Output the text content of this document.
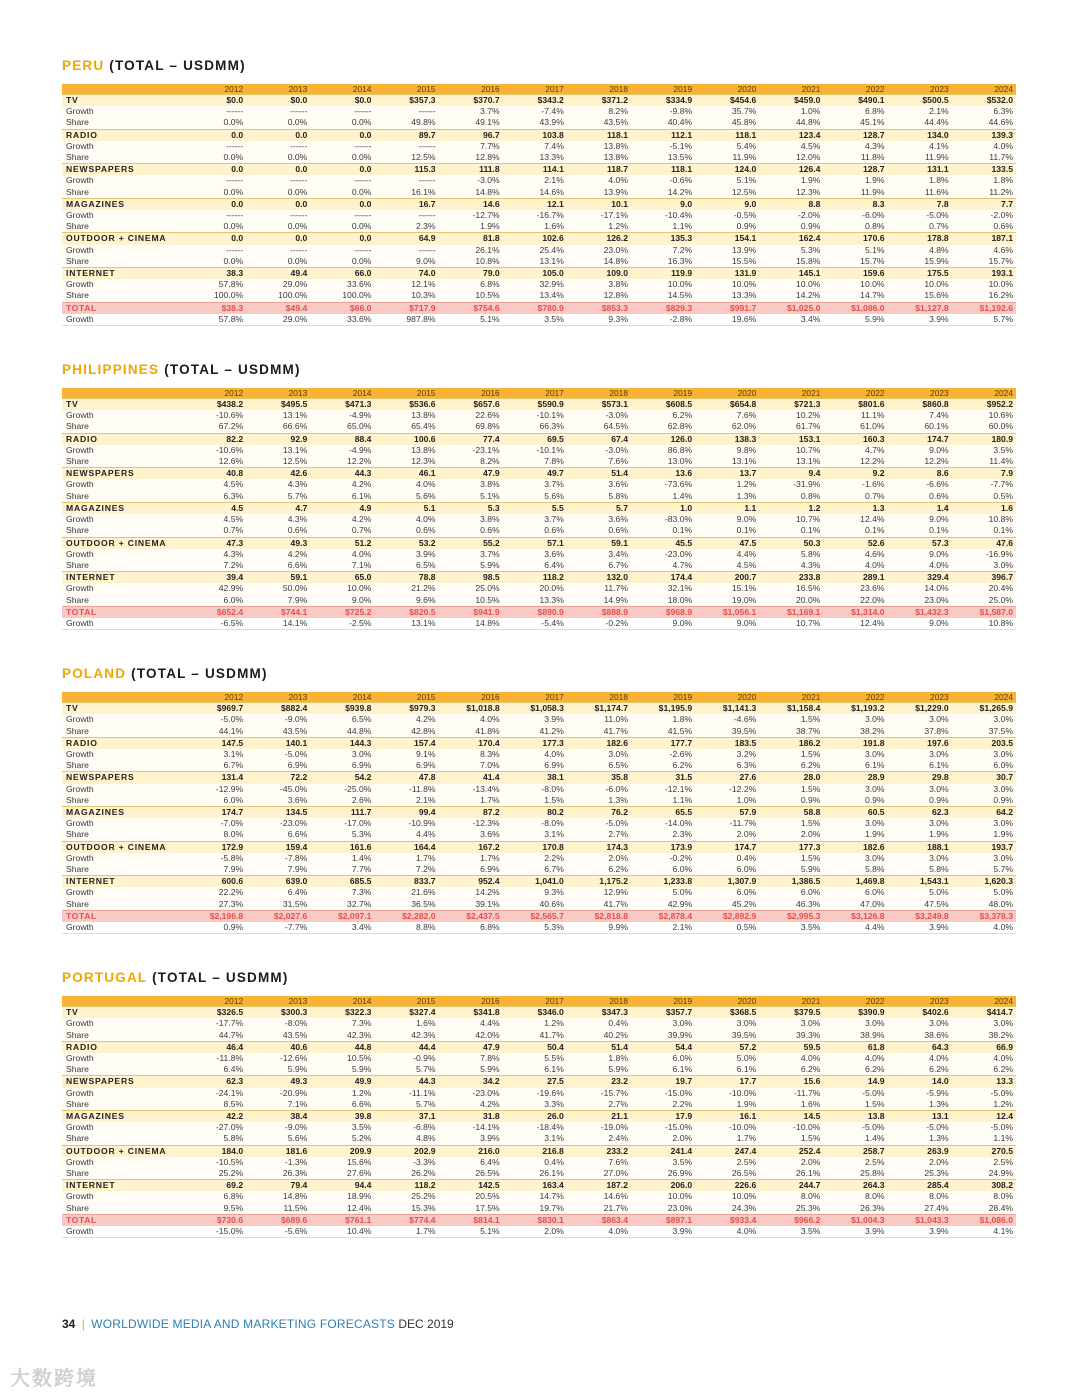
PERU (TOTAL – USDMM)
	2012	2013	2014	2015	2016	2017	2018	2019	2020	2021	2022	2023	2024
TV	$0.0	$0.0	$0.0	$357.3	$370.7	$343.2	$371.2	$334.9	$454.6	$459.0	$490.1	$500.5	$532.0
Growth	------	------	------	------	3.7%	-7.4%	8.2%	-9.8%	35.7%	1.0%	6.8%	2.1%	6.3%
Share	0.0%	0.0%	0.0%	49.8%	49.1%	43.9%	43.5%	40.4%	45.8%	44.8%	45.1%	44.4%	44.6%
RADIO	0.0	0.0	0.0	89.7	96.7	103.8	118.1	112.1	118.1	123.4	128.7	134.0	139.3
Growth	------	------	------	------	7.7%	7.4%	13.8%	-5.1%	5.4%	4.5%	4.3%	4.1%	4.0%
Share	0.0%	0.0%	0.0%	12.5%	12.8%	13.3%	13.8%	13.5%	11.9%	12.0%	11.8%	11.9%	11.7%
NEWSPAPERS	0.0	0.0	0.0	115.3	111.8	114.1	118.7	118.1	124.0	126.4	128.7	131.1	133.5
Growth	------	------	------	------	-3.0%	2.1%	4.0%	-0.6%	5.1%	1.9%	1.9%	1.8%	1.8%
Share	0.0%	0.0%	0.0%	16.1%	14.8%	14.6%	13.9%	14.2%	12.5%	12.3%	11.9%	11.6%	11.2%
MAGAZINES	0.0	0.0	0.0	16.7	14.6	12.1	10.1	9.0	9.0	8.8	8.3	7.8	7.7
Growth	------	------	------	------	-12.7%	-16.7%	-17.1%	-10.4%	-0.5%	-2.0%	-6.0%	-5.0%	-2.0%
Share	0.0%	0.0%	0.0%	2.3%	1.9%	1.6%	1.2%	1.1%	0.9%	0.9%	0.8%	0.7%	0.6%
OUTDOOR + CINEMA	0.0	0.0	0.0	64.9	81.8	102.6	126.2	135.3	154.1	162.4	170.6	178.8	187.1
Growth	------	------	------	------	26.1%	25.4%	23.0%	7.2%	13.9%	5.3%	5.1%	4.8%	4.6%
Share	0.0%	0.0%	0.0%	9.0%	10.8%	13.1%	14.8%	16.3%	15.5%	15.8%	15.7%	15.9%	15.7%
INTERNET	38.3	49.4	66.0	74.0	79.0	105.0	109.0	119.9	131.9	145.1	159.6	175.5	193.1
Growth	57.8%	29.0%	33.6%	12.1%	6.8%	32.9%	3.8%	10.0%	10.0%	10.0%	10.0%	10.0%	10.0%
Share	100.0%	100.0%	100.0%	10.3%	10.5%	13.4%	12.8%	14.5%	13.3%	14.2%	14.7%	15.6%	16.2%
TOTAL	$38.3	$49.4	$66.0	$717.9	$754.6	$780.9	$853.3	$829.3	$991.7	$1,025.0	$1,086.0	$1,127.8	$1,192.6
Growth	57.8%	29.0%	33.6%	987.8%	5.1%	3.5%	9.3%	-2.8%	19.6%	3.4%	5.9%	3.9%	5.7%
PHILIPPINES (TOTAL – USDMM)
	2012	2013	2014	2015	2016	2017	2018	2019	2020	2021	2022	2023	2024
TV	$438.2	$495.5	$471.3	$536.6	$657.6	$590.9	$573.1	$608.5	$654.8	$721.3	$801.6	$860.8	$952.2
Growth	-10.6%	13.1%	-4.9%	13.8%	22.6%	-10.1%	-3.0%	6.2%	7.6%	10.2%	11.1%	7.4%	10.6%
Share	67.2%	66.6%	65.0%	65.4%	69.8%	66.3%	64.5%	62.8%	62.0%	61.7%	61.0%	60.1%	60.0%
RADIO	82.2	92.9	88.4	100.6	77.4	69.5	67.4	126.0	138.3	153.1	160.3	174.7	180.9
Growth	-10.6%	13.1%	-4.9%	13.8%	-23.1%	-10.1%	-3.0%	86.8%	9.8%	10.7%	4.7%	9.0%	3.5%
Share	12.6%	12.5%	12.2%	12.3%	8.2%	7.8%	7.6%	13.0%	13.1%	13.1%	12.2%	12.2%	11.4%
NEWSPAPERS	40.8	42.6	44.3	46.1	47.9	49.7	51.4	13.6	13.7	9.4	9.2	8.6	7.9
Growth	4.5%	4.3%	4.2%	4.0%	3.8%	3.7%	3.6%	-73.6%	1.2%	-31.9%	-1.6%	-6.6%	-7.7%
Share	6.3%	5.7%	6.1%	5.6%	5.1%	5.6%	5.8%	1.4%	1.3%	0.8%	0.7%	0.6%	0.5%
MAGAZINES	4.5	4.7	4.9	5.1	5.3	5.5	5.7	1.0	1.1	1.2	1.3	1.4	1.6
Growth	4.5%	4.3%	4.2%	4.0%	3.8%	3.7%	3.6%	-83.0%	9.0%	10.7%	12.4%	9.0%	10.8%
Share	0.7%	0.6%	0.7%	0.6%	0.6%	0.6%	0.6%	0.1%	0.1%	0.1%	0.1%	0.1%	0.1%
OUTDOOR + CINEMA	47.3	49.3	51.2	53.2	55.2	57.1	59.1	45.5	47.5	50.3	52.6	57.3	47.6
Growth	4.3%	4.2%	4.0%	3.9%	3.7%	3.6%	3.4%	-23.0%	4.4%	5.8%	4.6%	9.0%	-16.9%
Share	7.2%	6.6%	7.1%	6.5%	5.9%	6.4%	6.7%	4.7%	4.5%	4.3%	4.0%	4.0%	3.0%
INTERNET	39.4	59.1	65.0	78.8	98.5	118.2	132.0	174.4	200.7	233.8	289.1	329.4	396.7
Growth	42.9%	50.0%	10.0%	21.2%	25.0%	20.0%	11.7%	32.1%	15.1%	16.5%	23.6%	14.0%	20.4%
Share	6.0%	7.9%	9.0%	9.6%	10.5%	13.3%	14.9%	18.0%	19.0%	20.0%	22.0%	23.0%	25.0%
TOTAL	$652.4	$744.1	$725.2	$820.5	$941.9	$890.9	$888.9	$968.9	$1,056.1	$1,169.1	$1,314.0	$1,432.3	$1,587.0
Growth	-6.5%	14.1%	-2.5%	13.1%	14.8%	-5.4%	-0.2%	9.0%	9.0%	10.7%	12.4%	9.0%	10.8%
POLAND (TOTAL – USDMM)
	2012	2013	2014	2015	2016	2017	2018	2019	2020	2021	2022	2023	2024
TV	$969.7	$882.4	$939.8	$979.3	$1,018.8	$1,058.3	$1,174.7	$1,195.9	$1,141.3	$1,158.4	$1,193.2	$1,229.0	$1,265.9
Growth	-5.0%	-9.0%	6.5%	4.2%	4.0%	3.9%	11.0%	1.8%	-4.6%	1.5%	3.0%	3.0%	3.0%
Share	44.1%	43.5%	44.8%	42.8%	41.8%	41.2%	41.7%	41.5%	39.5%	38.7%	38.2%	37.8%	37.5%
RADIO	147.5	140.1	144.3	157.4	170.4	177.3	182.6	177.7	183.5	186.2	191.8	197.6	203.5
Growth	3.1%	-5.0%	3.0%	9.1%	8.3%	4.0%	3.0%	-2.6%	3.2%	1.5%	3.0%	3.0%	3.0%
Share	6.7%	6.9%	6.9%	6.9%	7.0%	6.9%	6.5%	6.2%	6.3%	6.2%	6.1%	6.1%	6.0%
NEWSPAPERS	131.4	72.2	54.2	47.8	41.4	38.1	35.8	31.5	27.6	28.0	28.9	29.8	30.7
Growth	-12.9%	-45.0%	-25.0%	-11.8%	-13.4%	-8.0%	-6.0%	-12.1%	-12.2%	1.5%	3.0%	3.0%	3.0%
Share	6.0%	3.6%	2.6%	2.1%	1.7%	1.5%	1.3%	1.1%	1.0%	0.9%	0.9%	0.9%	0.9%
MAGAZINES	174.7	134.5	111.7	99.4	87.2	80.2	76.2	65.5	57.9	58.8	60.5	62.3	64.2
Growth	-7.0%	-23.0%	-17.0%	-10.9%	-12.3%	-8.0%	-5.0%	-14.0%	-11.7%	1.5%	3.0%	3.0%	3.0%
Share	8.0%	6.6%	5.3%	4.4%	3.6%	3.1%	2.7%	2.3%	2.0%	2.0%	1.9%	1.9%	1.9%
OUTDOOR + CINEMA	172.9	159.4	161.6	164.4	167.2	170.8	174.3	173.9	174.7	177.3	182.6	188.1	193.7
Growth	-5.8%	-7.8%	1.4%	1.7%	1.7%	2.2%	2.0%	-0.2%	0.4%	1.5%	3.0%	3.0%	3.0%
Share	7.9%	7.9%	7.7%	7.2%	6.9%	6.7%	6.2%	6.0%	6.0%	5.9%	5.8%	5.8%	5.7%
INTERNET	600.6	639.0	685.5	833.7	952.4	1,041.0	1,175.2	1,233.8	1,307.9	1,386.5	1,469.8	1,543.1	1,620.3
Growth	22.2%	6.4%	7.3%	21.6%	14.2%	9.3%	12.9%	5.0%	6.0%	6.0%	6.0%	5.0%	5.0%
Share	27.3%	31.5%	32.7%	36.5%	39.1%	40.6%	41.7%	42.9%	45.2%	46.3%	47.0%	47.5%	48.0%
TOTAL	$2,196.8	$2,027.6	$2,097.1	$2,282.0	$2,437.5	$2,565.7	$2,818.8	$2,878.4	$2,892.9	$2,995.3	$3,126.8	$3,249.8	$3,378.3
Growth	0.9%	-7.7%	3.4%	8.8%	6.8%	5.3%	9.9%	2.1%	0.5%	3.5%	4.4%	3.9%	4.0%
PORTUGAL (TOTAL – USDMM)
	2012	2013	2014	2015	2016	2017	2018	2019	2020	2021	2022	2023	2024
TV	$326.5	$300.3	$322.3	$327.4	$341.8	$346.0	$347.3	$357.7	$368.5	$379.5	$390.9	$402.6	$414.7
Growth	-17.7%	-8.0%	7.3%	1.6%	4.4%	1.2%	0.4%	3.0%	3.0%	3.0%	3.0%	3.0%	3.0%
Share	44.7%	43.5%	42.3%	42.3%	42.0%	41.7%	40.2%	39.9%	39.5%	39.3%	38.9%	38.6%	38.2%
RADIO	46.4	40.6	44.8	44.4	47.9	50.4	51.4	54.4	57.2	59.5	61.8	64.3	66.9
Growth	-11.8%	-12.6%	10.5%	-0.9%	7.8%	5.5%	1.8%	6.0%	5.0%	4.0%	4.0%	4.0%	4.0%
Share	6.4%	5.9%	5.9%	5.7%	5.9%	6.1%	5.9%	6.1%	6.1%	6.2%	6.2%	6.2%	6.2%
NEWSPAPERS	62.3	49.3	49.9	44.3	34.2	27.5	23.2	19.7	17.7	15.6	14.9	14.0	13.3
Growth	-24.1%	-20.9%	1.2%	-11.1%	-23.0%	-19.6%	-15.7%	-15.0%	-10.0%	-11.7%	-5.0%	-5.9%	-5.0%
Share	8.5%	7.1%	6.6%	5.7%	4.2%	3.3%	2.7%	2.2%	1.9%	1.6%	1.5%	1.3%	1.2%
MAGAZINES	42.2	38.4	39.8	37.1	31.8	26.0	21.1	17.9	16.1	14.5	13.8	13.1	12.4
Growth	-27.0%	-9.0%	3.5%	-6.8%	-14.1%	-18.4%	-19.0%	-15.0%	-10.0%	-10.0%	-5.0%	-5.0%	-5.0%
Share	5.8%	5.6%	5.2%	4.8%	3.9%	3.1%	2.4%	2.0%	1.7%	1.5%	1.4%	1.3%	1.1%
OUTDOOR + CINEMA	184.0	181.6	209.9	202.9	216.0	216.8	233.2	241.4	247.4	252.4	258.7	263.9	270.5
Growth	-10.5%	-1.3%	15.6%	-3.3%	6.4%	0.4%	7.6%	3.5%	2.5%	2.0%	2.5%	2.0%	2.5%
Share	25.2%	26.3%	27.6%	26.2%	26.5%	26.1%	27.0%	26.9%	26.5%	26.1%	25.8%	25.3%	24.9%
INTERNET	69.2	79.4	94.4	118.2	142.5	163.4	187.2	206.0	226.6	244.7	264.3	285.4	308.2
Growth	6.8%	14.8%	18.9%	25.2%	20.5%	14.7%	14.6%	10.0%	10.0%	8.0%	8.0%	8.0%	8.0%
Share	9.5%	11.5%	12.4%	15.3%	17.5%	19.7%	21.7%	23.0%	24.3%	25.3%	26.3%	27.4%	28.4%
TOTAL	$730.6	$689.6	$761.1	$774.4	$814.1	$830.1	$863.4	$897.1	$933.4	$966.2	$1,004.3	$1,043.3	$1,086.0
Growth	-15.0%	-5.6%	10.4%	1.7%	5.1%	2.0%	4.0%	3.9%	4.0%	3.5%	3.9%	3.9%	4.1%
34 | WORLDWIDE MEDIA AND MARKETING FORECASTS DEC 2019
大数跨境
